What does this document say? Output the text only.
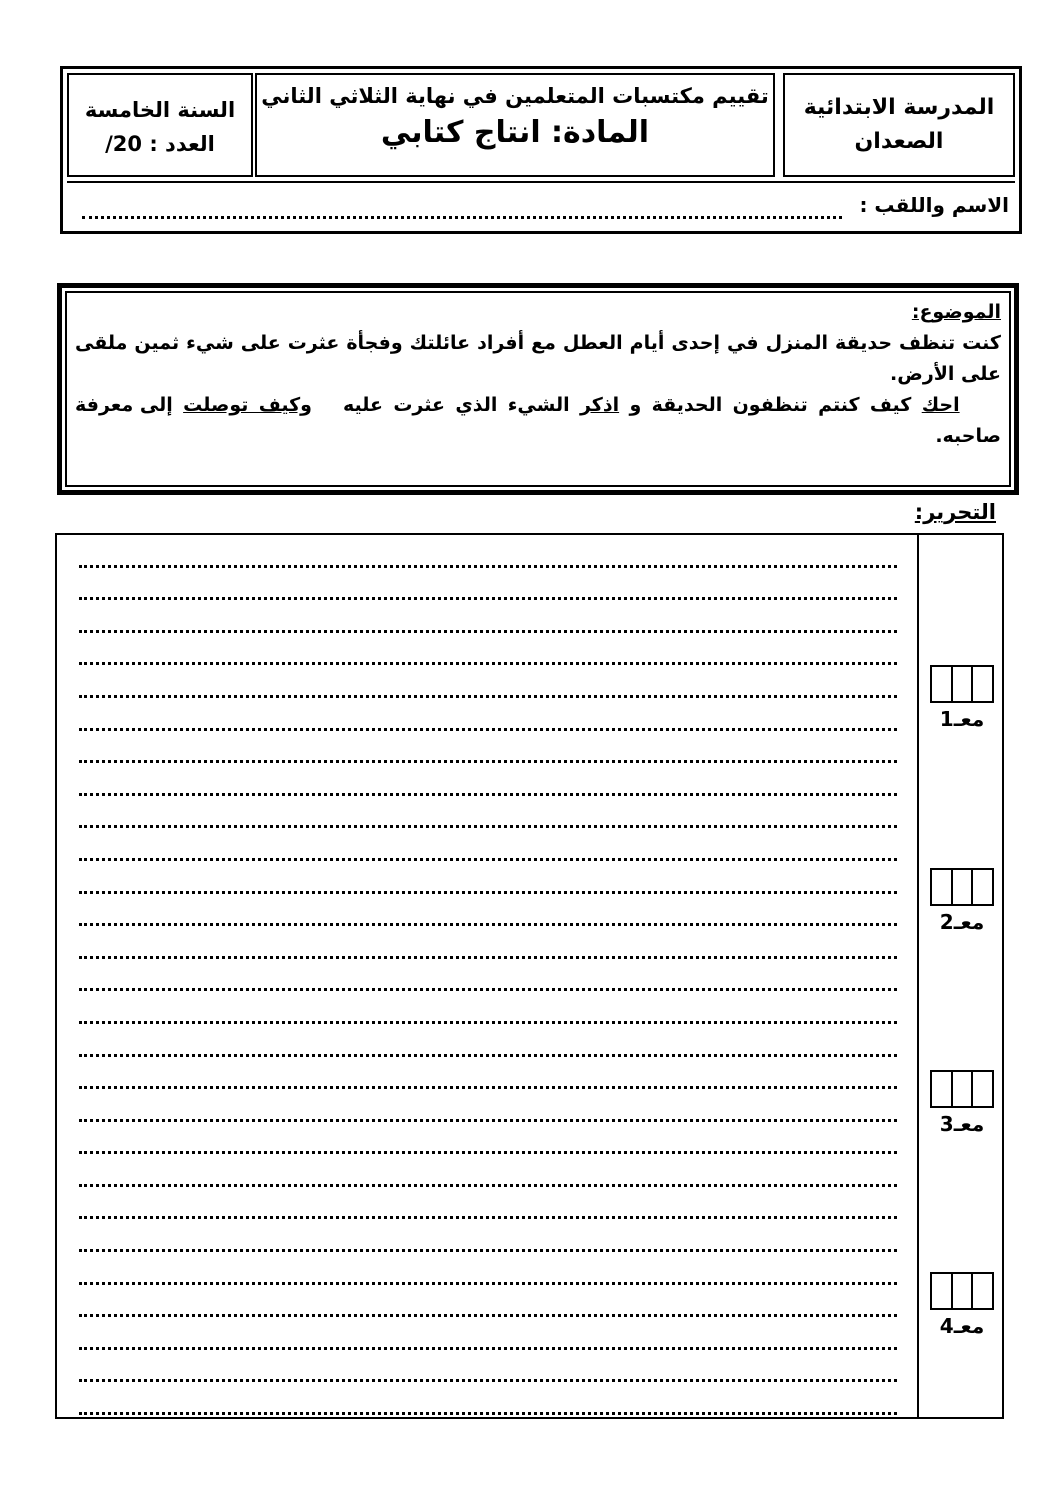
المدرسة الابتدائية
الصعدان
تقييم مكتسبات المتعلمين في نهاية الثلاثي الثاني
المادة: انتاج كتابي
السنة الخامسة
العدد : 20/
الاسم واللقب :
الموضوع:
كنت تنظف حديقة المنزل في إحدى أيام العطل مع أفراد عائلتك وفجأة عثرت على شيء ثمين ملقى على الأرض.
احك كيف كنتم تنظفون الحديقة و اذكر الشيء الذي عثرت عليه   وكيف توصلت إلى معرفة صاحبه.
التحرير:
معـ1
معـ2
معـ3
معـ4
